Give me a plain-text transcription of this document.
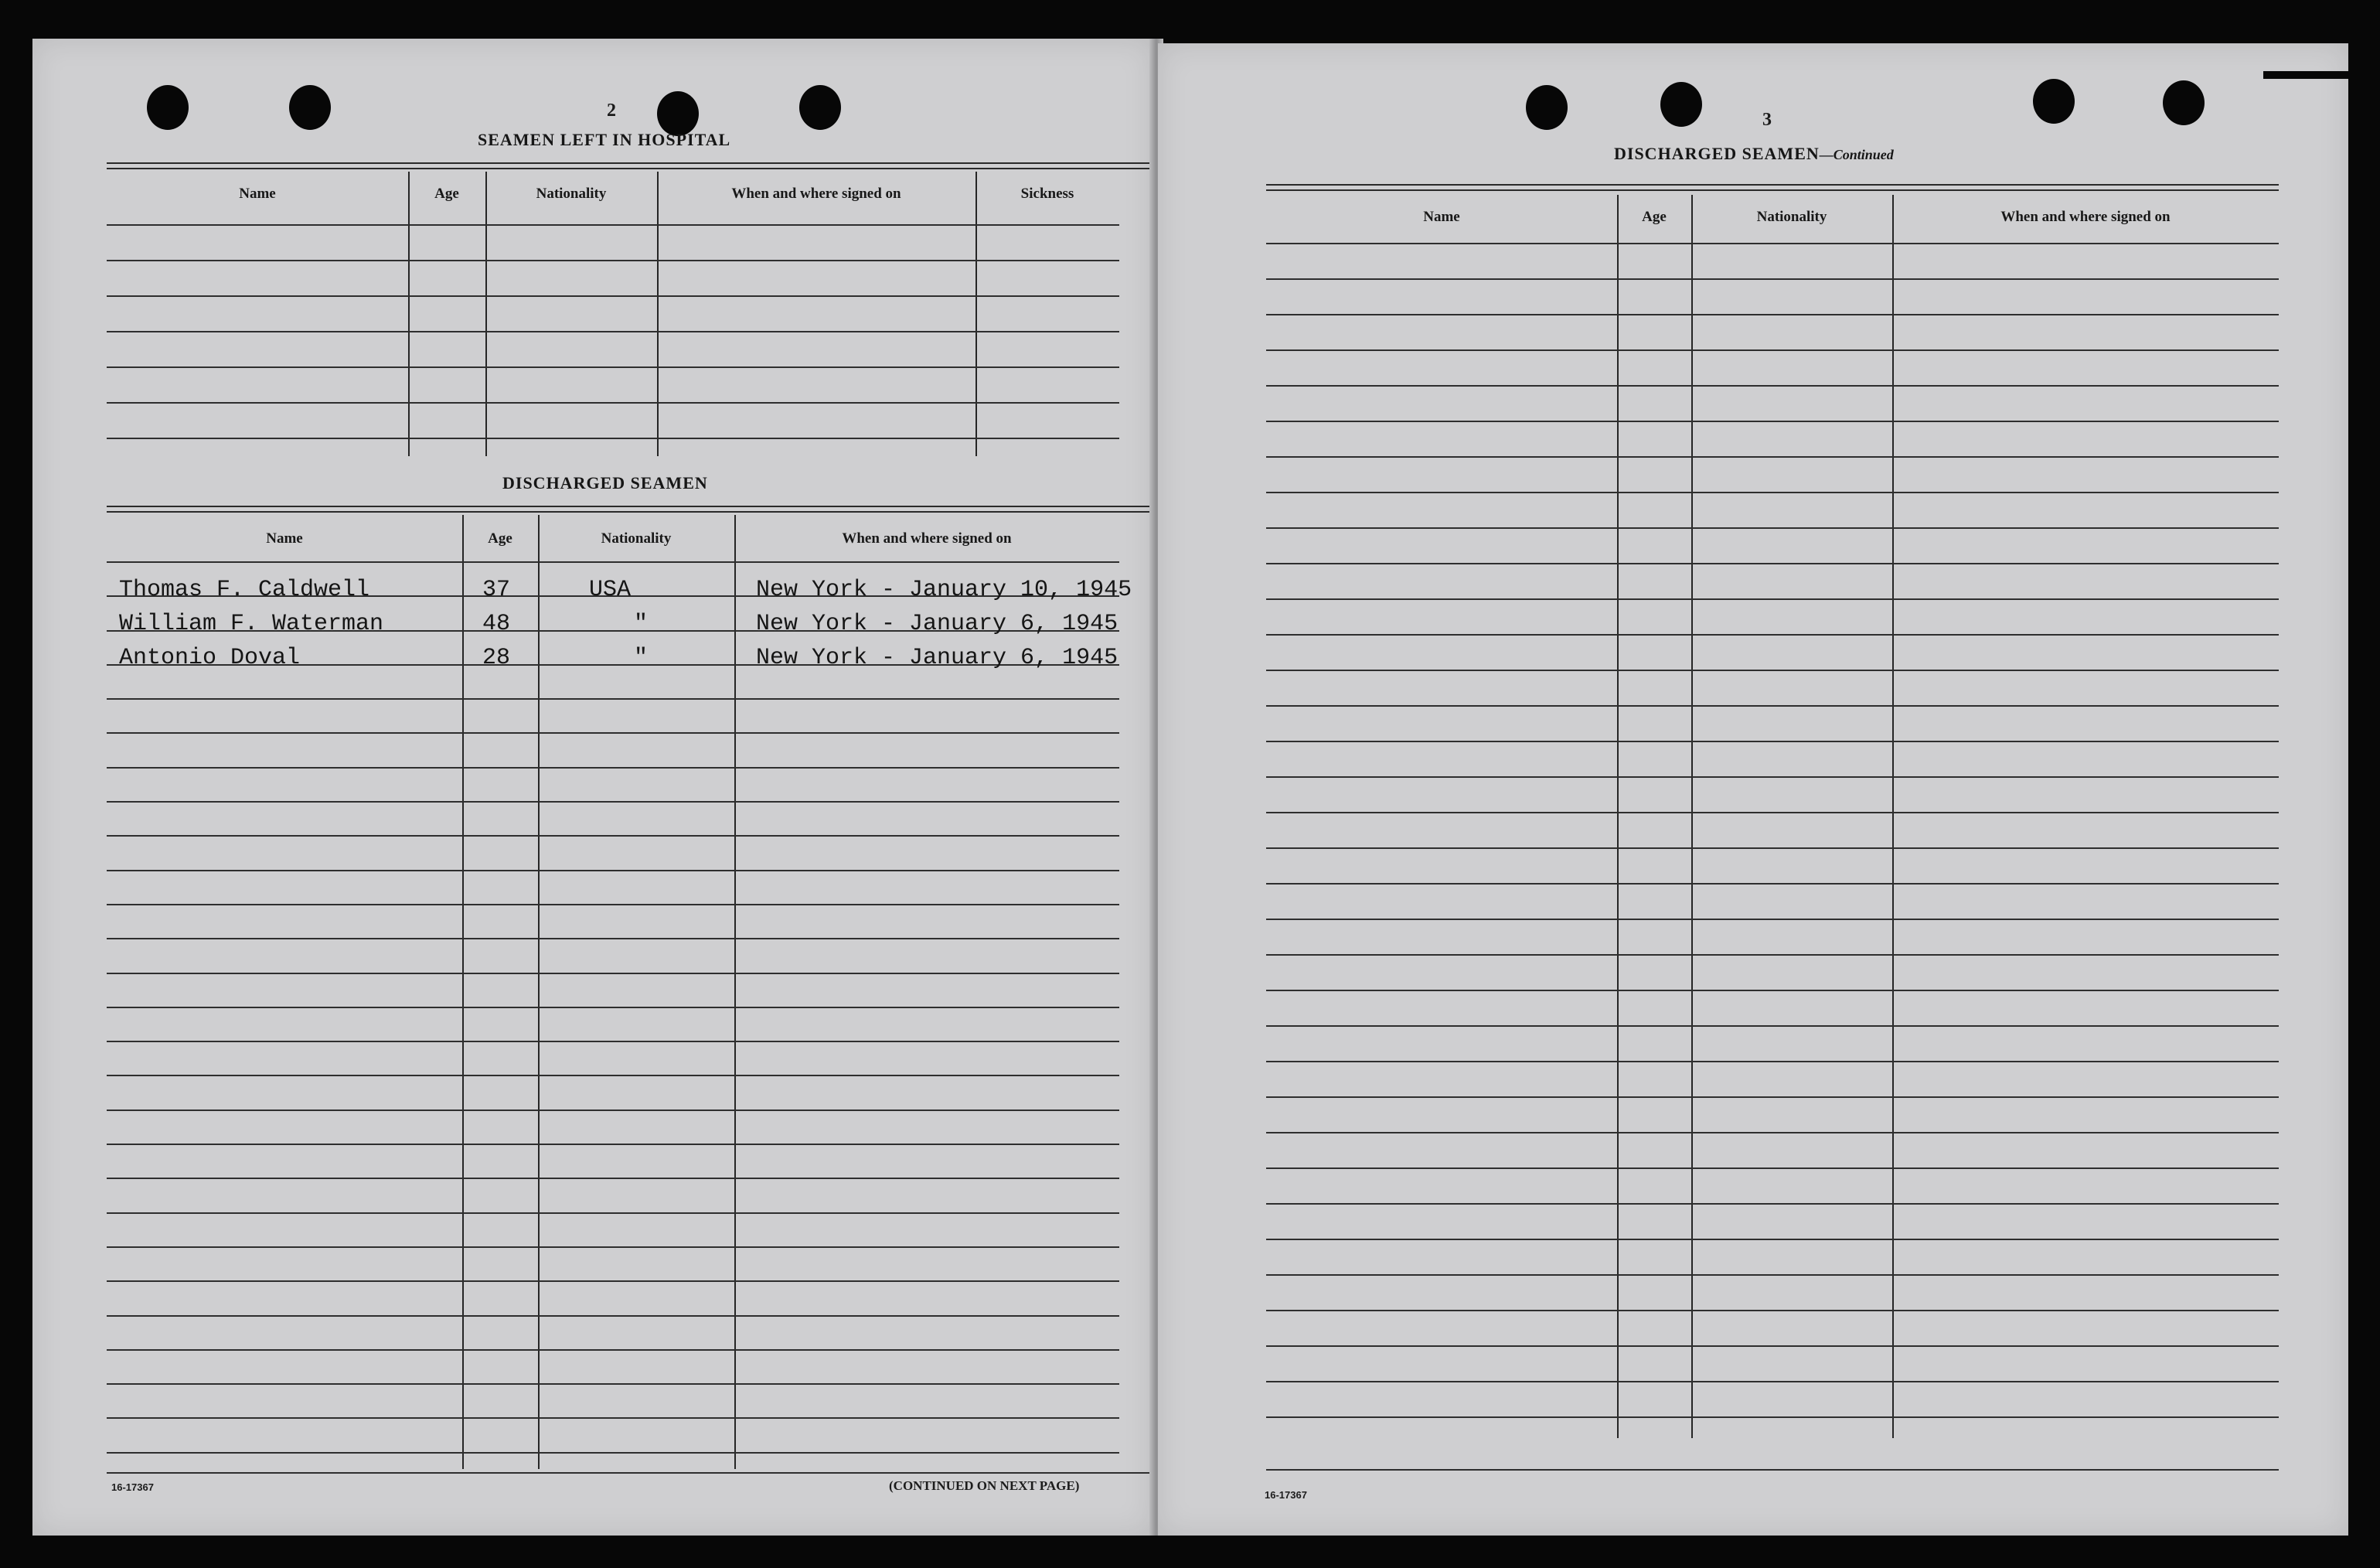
2
SEAMEN LEFT IN HOSPITAL
DISCHARGED SEAMEN
16-17367	(CONTINUED ON NEXT PAGE)
Name	Age	Nationality	When and where signed on	Sickness
Name	Age	Nationality	When and where signed on
Thomas F. Caldwell	37	USA	New York - January 10, 1945
William F. Waterman	48	"	New York - January 6, 1945
Antonio Doval	28	"	New York - January 6, 1945
3
DISCHARGED SEAMEN—Continued
16-17367
Name	Age	Nationality	When and where signed on
